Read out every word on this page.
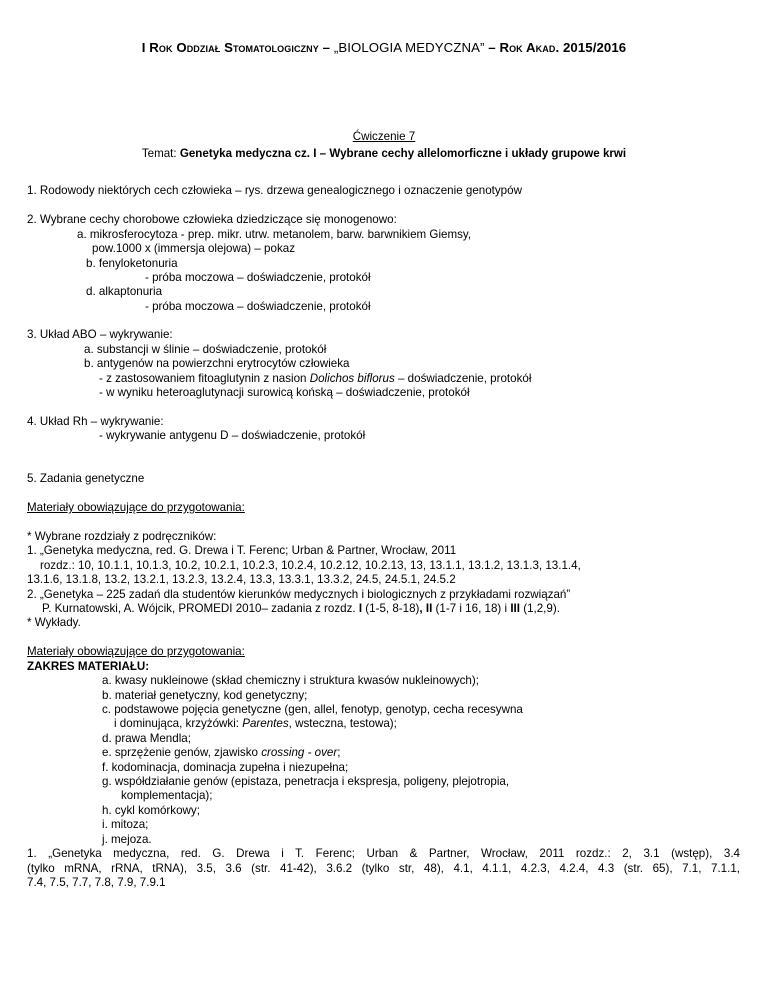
I Rok Oddział Stomatologiczny – „BIOLOGIA MEDYCZNA” – Rok Akad. 2015/2016
Ćwiczenie 7
Temat: Genetyka medyczna cz. I – Wybrane cechy allelomorficzne i układy grupowe krwi
1. Rodowody niektórych cech człowieka – rys. drzewa genealogicznego i oznaczenie genotypów
2. Wybrane cechy chorobowe człowieka dziedziczące się monogenowo:
a. mikrosferocytoza - prep. mikr. utrw. metanolem, barw. barwnikiem Giemsy,
pow.1000 x (immersja olejowa) – pokaz
b. fenyloketonuria
- próba moczowa – doświadczenie, protokół
d. alkaptonuria
- próba moczowa – doświadczenie, protokół
3. Układ ABO – wykrywanie:
a. substancji w ślinie – doświadczenie, protokół
b. antygenów na powierzchni erytrocytów człowieka
- z zastosowaniem fitoaglutynin z nasion Dolichos biflorus – doświadczenie, protokół
- w wyniku heteroaglutynacji surowicą końską – doświadczenie, protokół
4. Układ Rh – wykrywanie:
- wykrywanie antygenu D – doświadczenie, protokół
5. Zadania genetyczne
Materiały obowiązujące do przygotowania:
* Wybrane rozdziały z podręczników:
1. „Genetyka medyczna, red. G. Drewa i T. Ferenc; Urban & Partner, Wrocław, 2011
rozdz.: 10, 10.1.1, 10.1.3, 10.2, 10.2.1, 10.2.3, 10.2.4, 10.2.12, 10.2.13, 13, 13.1.1, 13.1.2, 13.1.3, 13.1.4,
13.1.6, 13.1.8, 13.2, 13.2.1, 13.2.3, 13.2.4, 13.3, 13.3.1, 13.3.2, 24.5, 24.5.1, 24.5.2
2. „Genetyka – 225 zadań dla studentów kierunków medycznych i biologicznych z przykładami rozwiązań”
P. Kurnatowski, A. Wójcik, PROMEDI 2010– zadania z rozdz. I (1-5, 8-18), II (1-7 i 16, 18) i III (1,2,9).
* Wykłady.
Materiały obowiązujące do przygotowania:
ZAKRES MATERIAŁU:
a. kwasy nukleinowe (skład chemiczny i struktura kwasów nukleinowych);
b. materiał genetyczny, kod genetyczny;
c. podstawowe pojęcia genetyczne (gen, allel, fenotyp, genotyp, cecha recesywna
i dominująca, krzyżówki: Parentes, wsteczna, testowa);
d. prawa Mendla;
e. sprzężenie genów, zjawisko crossing - over;
f. kodominacja, dominacja zupełna i niezupełna;
g. współdziałanie genów (epistaza, penetracja i ekspresja, poligeny, plejotropia,
komplementacja);
h. cykl komórkowy;
i. mitoza;
j. mejoza.
1. „Genetyka medyczna, red. G. Drewa i T. Ferenc; Urban & Partner, Wrocław, 2011 rozdz.: 2, 3.1 (wstęp), 3.4
(tylko mRNA, rRNA, tRNA), 3.5, 3.6 (str. 41-42), 3.6.2 (tylko str, 48), 4.1, 4.1.1, 4.2.3, 4.2.4, 4.3 (str. 65), 7.1, 7.1.1,
7.4, 7.5, 7.7, 7.8, 7.9, 7.9.1
